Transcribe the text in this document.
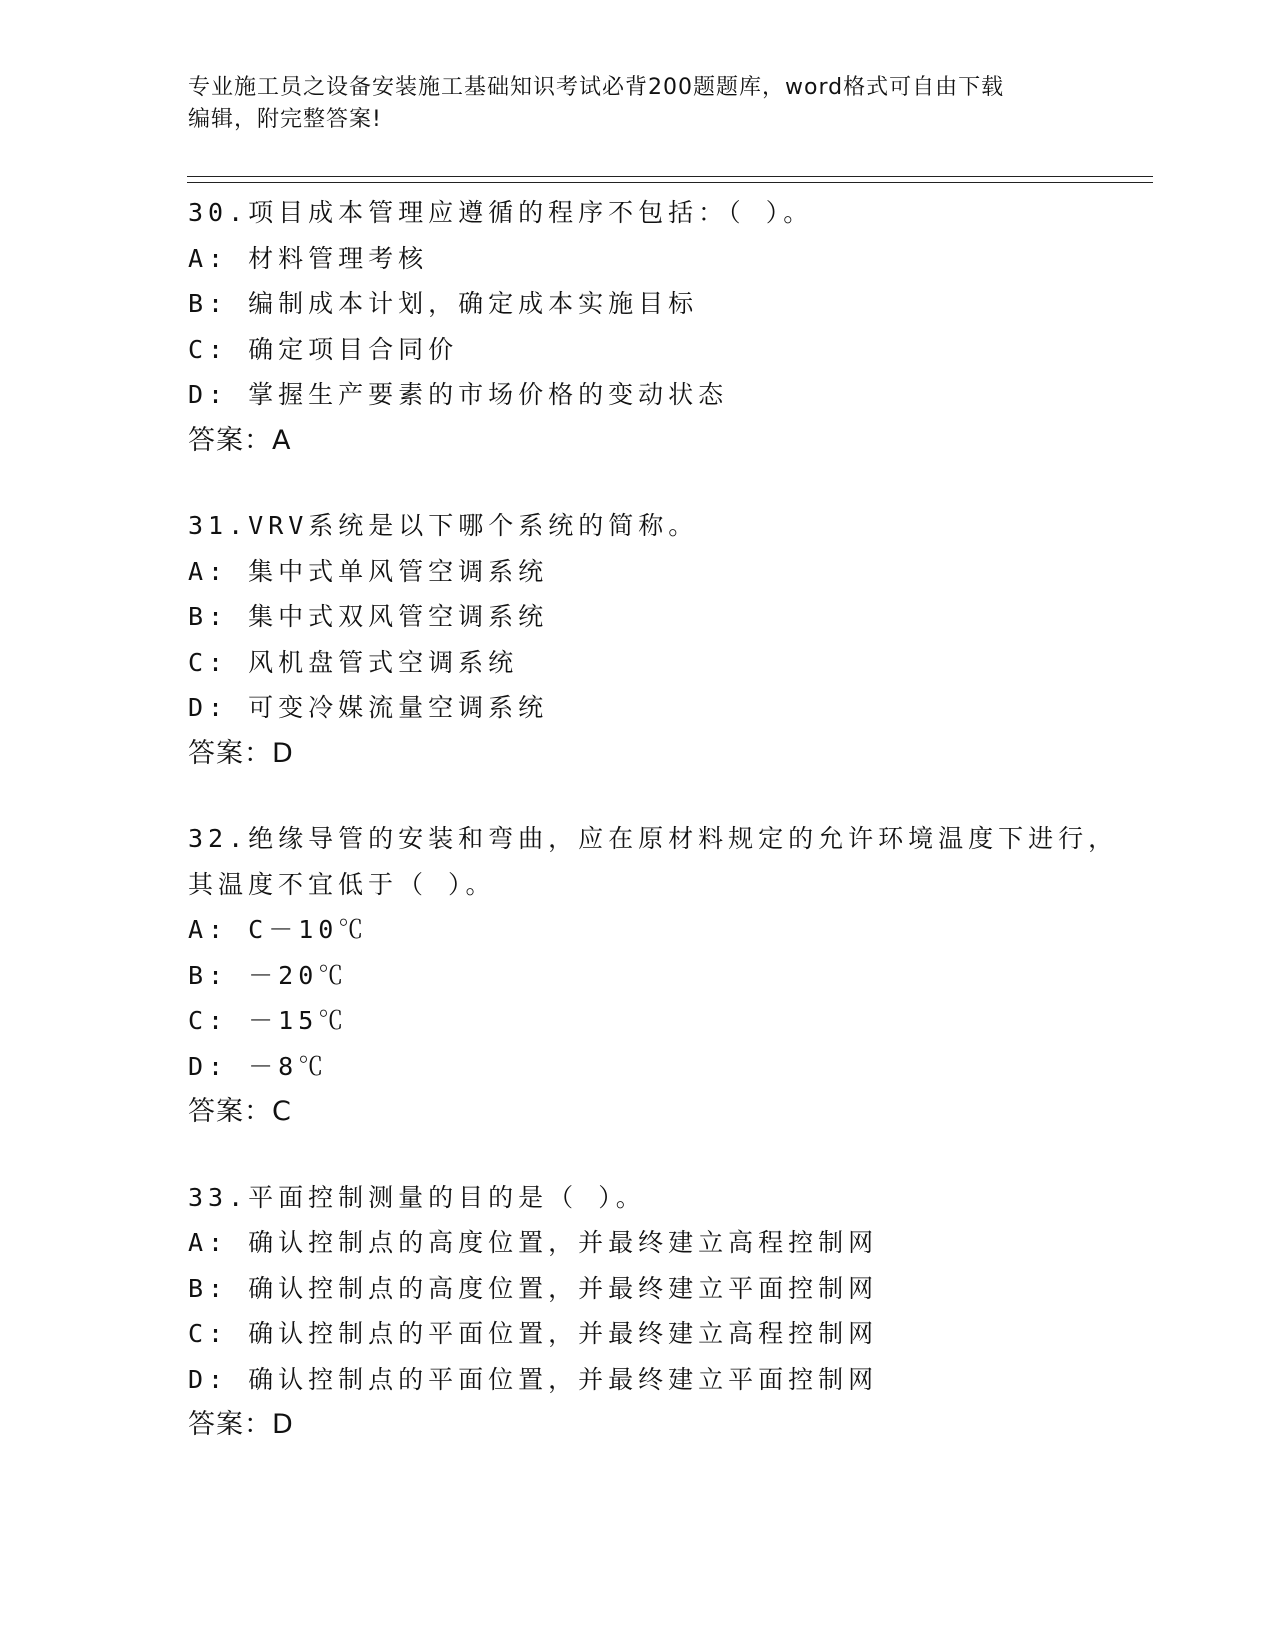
专业施工员之设备安装施工基础知识考试必背200题题库，word格式可自由下载
编辑，附完整答案!
30.项目成本管理应遵循的程序不包括：（ ）。
A: 材料管理考核
B: 编制成本计划，确定成本实施目标
C: 确定项目合同价
D: 掌握生产要素的市场价格的变动状态
答案：A
31.VRV系统是以下哪个系统的简称。
A: 集中式单风管空调系统
B: 集中式双风管空调系统
C: 风机盘管式空调系统
D: 可变冷媒流量空调系统
答案：D
32.绝缘导管的安装和弯曲，应在原材料规定的允许环境温度下进行，
其温度不宜低于（ ）。
A: C－10℃
B: －20℃
C: －15℃
D: －8℃
答案：C
33.平面控制测量的目的是（ ）。
A: 确认控制点的高度位置，并最终建立高程控制网
B: 确认控制点的高度位置，并最终建立平面控制网
C: 确认控制点的平面位置，并最终建立高程控制网
D: 确认控制点的平面位置，并最终建立平面控制网
答案：D
